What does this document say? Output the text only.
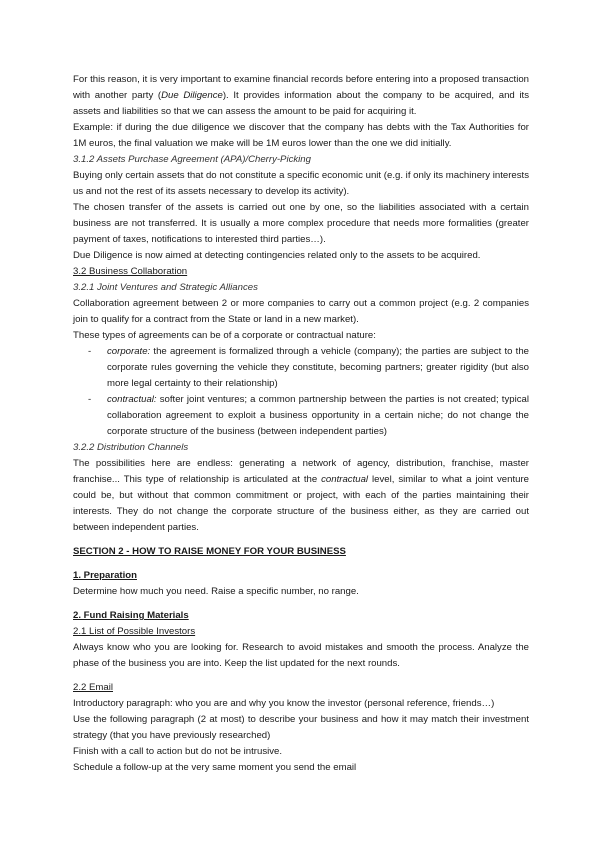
For this reason, it is very important to examine financial records before entering into a proposed transaction with another party (Due Diligence). It provides information about the company to be acquired, and its assets and liabilities so that we can assess the amount to be paid for acquiring it.

Example: if during the due diligence we discover that the company has debts with the Tax Authorities for 1M euros, the final valuation we make will be 1M euros lower than the one we did initially.

3.1.2 Assets Purchase Agreement (APA)/Cherry-Picking

Buying only certain assets that do not constitute a specific economic unit (e.g. if only its machinery interests us and not the rest of its assets necessary to develop its activity).

The chosen transfer of the assets is carried out one by one, so the liabilities associated with a certain business are not transferred. It is usually a more complex procedure that needs more formalities (greater payment of taxes, notifications to interested third parties…).

Due Diligence is now aimed at detecting contingencies related only to the assets to be acquired.

3.2 Business Collaboration

3.2.1 Joint Ventures and Strategic Alliances

Collaboration agreement between 2 or more companies to carry out a common project (e.g. 2 companies join to qualify for a contract from the State or land in a new market).

These types of agreements can be of a corporate or contractual nature:

- corporate: the agreement is formalized through a vehicle (company); the parties are subject to the corporate rules governing the vehicle they constitute, becoming partners; greater rigidity (but also more legal certainty to their relationship)
- contractual: softer joint ventures; a common partnership between the parties is not created; typical collaboration agreement to exploit a business opportunity in a certain niche; do not change the corporate structure of the business (between independent parties)

3.2.2 Distribution Channels

The possibilities here are endless: generating a network of agency, distribution, franchise, master franchise... This type of relationship is articulated at the contractual level, similar to what a joint venture could be, but without that common commitment or project, with each of the parties maintaining their interests. They do not change the corporate structure of the business either, as they are carried out between independent parties.

SECTION 2 - HOW TO RAISE MONEY FOR YOUR BUSINESS

1. Preparation

Determine how much you need. Raise a specific number, no range.

2. Fund Raising Materials

2.1 List of Possible Investors

Always know who you are looking for. Research to avoid mistakes and smooth the process. Analyze the phase of the business you are into. Keep the list updated for the next rounds.

2.2 Email

Introductory paragraph: who you are and why you know the investor (personal reference, friends…)

Use the following paragraph (2 at most) to describe your business and how it may match their investment strategy (that you have previously researched)

Finish with a call to action but do not be intrusive.

Schedule a follow-up at the very same moment you send the email
